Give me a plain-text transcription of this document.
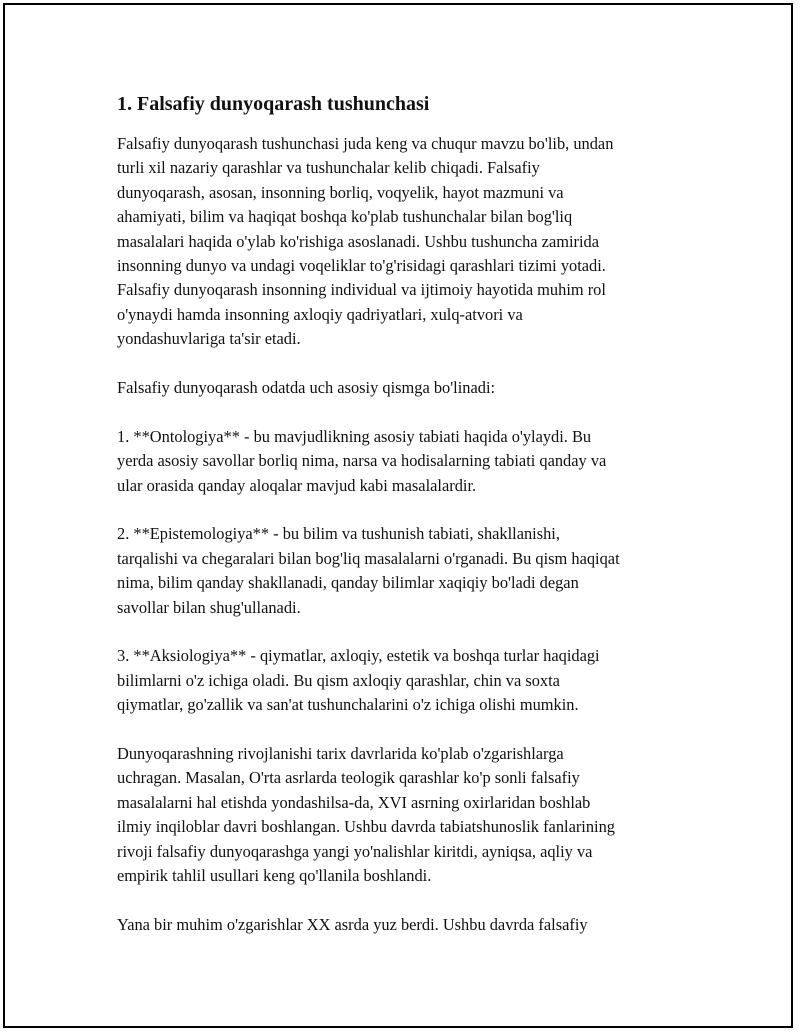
1. Falsafiy dunyoqarash tushunchasi
Falsafiy dunyoqarash tushunchasi juda keng va chuqur mavzu bo'lib, undan
turli xil nazariy qarashlar va tushunchalar kelib chiqadi. Falsafiy
dunyoqarash, asosan, insonning borliq, voqyelik, hayot mazmuni va
ahamiyati, bilim va haqiqat boshqa ko'plab tushunchalar bilan bog'liq
masalalari haqida o'ylab ko'rishiga asoslanadi. Ushbu tushuncha zamirida
insonning dunyo va undagi voqeliklar to'g'risidagi qarashlari tizimi yotadi.
Falsafiy dunyoqarash insonning individual va ijtimoiy hayotida muhim rol
o'ynaydi hamda insonning axloqiy qadriyatlari, xulq-atvori va
yondashuvlariga ta'sir etadi.
Falsafiy dunyoqarash odatda uch asosiy qismga bo'linadi:
1. **Ontologiya** - bu mavjudlikning asosiy tabiati haqida o'ylaydi. Bu
yerda asosiy savollar borliq nima, narsa va hodisalarning tabiati qanday va
ular orasida qanday aloqalar mavjud kabi masalalardir.
2. **Epistemologiya** - bu bilim va tushunish tabiati, shakllanishi,
tarqalishi va chegaralari bilan bog'liq masalalarni o'rganadi. Bu qism haqiqat
nima, bilim qanday shakllanadi, qanday bilimlar xaqiqiy bo'ladi degan
savollar bilan shug'ullanadi.
3. **Aksiologiya** - qiymatlar, axloqiy, estetik va boshqa turlar haqidagi
bilimlarni o'z ichiga oladi. Bu qism axloqiy qarashlar, chin va soxta
qiymatlar, go'zallik va san'at tushunchalarini o'z ichiga olishi mumkin.
Dunyoqarashning rivojlanishi tarix davrlarida ko'plab o'zgarishlarga
uchragan. Masalan, O'rta asrlarda teologik qarashlar ko'p sonli falsafiy
masalalarni hal etishda yondashilsa-da, XVI asrning oxirlaridan boshlab
ilmiy inqiloblar davri boshlangan. Ushbu davrda tabiatshunoslik fanlarining
rivoji falsafiy dunyoqarashga yangi yo'nalishlar kiritdi, ayniqsa, aqliy va
empirik tahlil usullari keng qo'llanila boshlandi.
Yana bir muhim o'zgarishlar XX asrda yuz berdi. Ushbu davrda falsafiy
